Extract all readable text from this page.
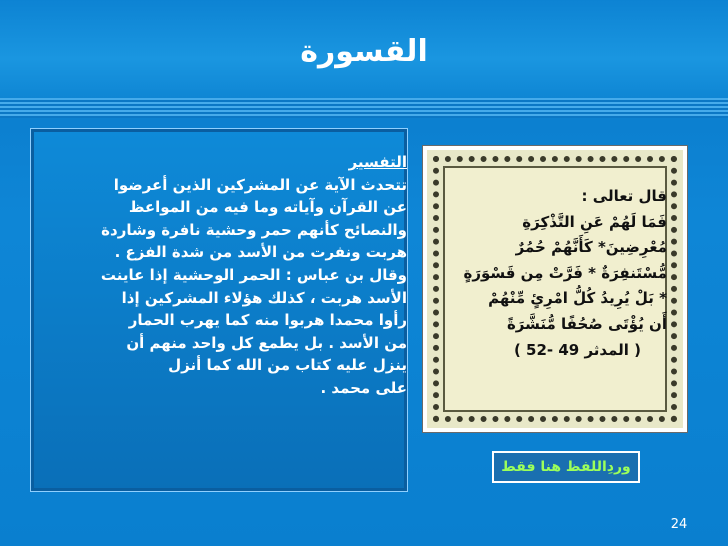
القسورة
التفسير
تتحدث الآية عن المشركين الذين أعرضوا
عن القرآن وآياته وما فيه من المواعظ
والنصائح كأنهم حمر وحشية نافرة وشاردة
هربت ونفرت من الأسد من شدة الفزع .
وقال بن عباس : الحمر الوحشية إذا عاينت
الأسد هربت ، كذلك هؤلاء المشركين إذا
رأوا محمدا هربوا منه كما يهرب الحمار
من الأسد . بل يطمع كل واحد منهم أن
ينزل عليه كتاب من الله كما أنزل
على محمد .
قال تعالى :
فَمَا لَهُمْ عَنِ التَّذْكِرَةِ
مُعْرِضِينَ* كَأَنَّهُمْ حُمُرٌ
مُّسْتَنفِرَةٌ * فَرَّتْ مِن قَسْوَرَةٍ
* بَلْ يُرِيدُ كُلُّ امْرِئٍ مِّنْهُمْ
أَن يُؤْتَى صُحُفًا مُّنَشَّرَةً
( المدثر 49 -52 )
وردِاللفظ هنا فقط
24
